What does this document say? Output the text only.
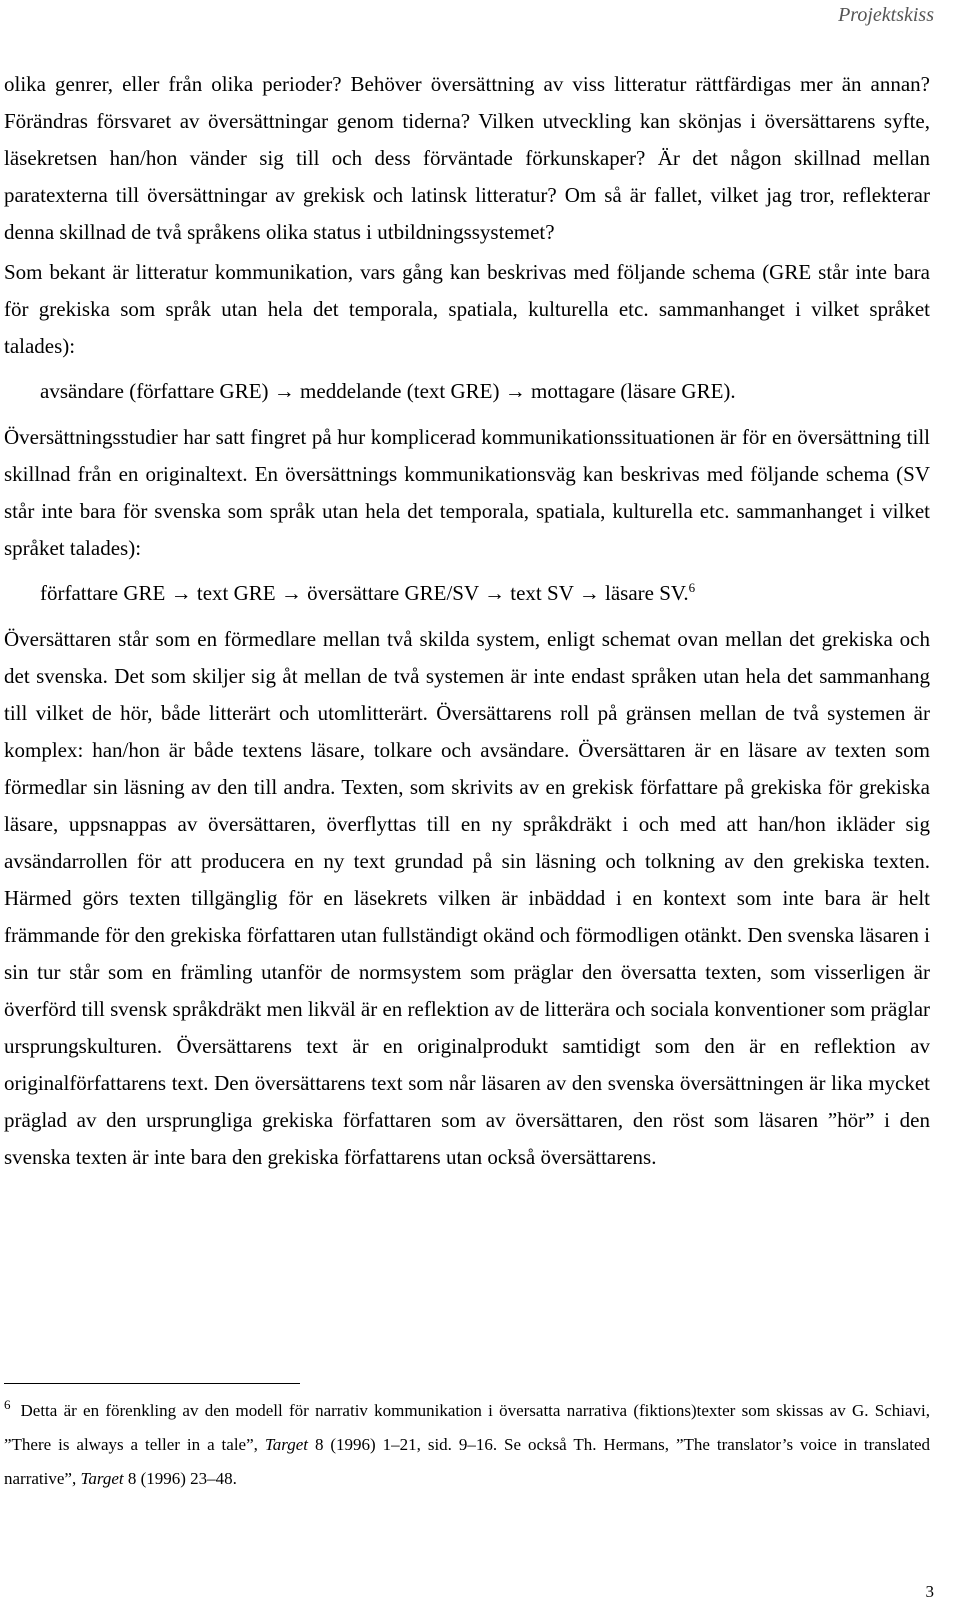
Projektskiss

olika genrer, eller från olika perioder? Behöver översättning av viss litteratur rättfärdigas mer än annan? Förändras försvaret av översättningar genom tiderna? Vilken utveckling kan skönjas i översättarens syfte, läsekretsen han/hon vänder sig till och dess förväntade förkunskaper? Är det någon skillnad mellan paratexterna till översättningar av grekisk och latinsk litteratur? Om så är fallet, vilket jag tror, reflekterar denna skillnad de två språkens olika status i utbildningssystemet?

Som bekant är litteratur kommunikation, vars gång kan beskrivas med följande schema (GRE står inte bara för grekiska som språk utan hela det temporala, spatiala, kulturella etc. sammanhanget i vilket språket talades):

avsändare (författare GRE) → meddelande (text GRE) → mottagare (läsare GRE).

Översättningsstudier har satt fingret på hur komplicerad kommunikationssituationen är för en översättning till skillnad från en originaltext. En översättnings kommunikationsväg kan beskrivas med följande schema (SV står inte bara för svenska som språk utan hela det temporala, spatiala, kulturella etc. sammanhanget i vilket språket talades):

författare GRE → text GRE → översättare GRE/SV → text SV → läsare SV.$^6$

Översättaren står som en förmedlare mellan två skilda system, enligt schemat ovan mellan det grekiska och det svenska. Det som skiljer sig åt mellan de två systemen är inte endast språken utan hela det sammanhang till vilket de hör, både litterärt och utomlitterärt. Översättarens roll på gränsen mellan de två systemen är komplex: han/hon är både textens läsare, tolkare och avsändare. Översättaren är en läsare av texten som förmedlar sin läsning av den till andra. Texten, som skrivits av en grekisk författare på grekiska för grekiska läsare, uppsnappas av översättaren, överflyttas till en ny språkdräkt i och med att han/hon ikläder sig avsändarrollen för att producera en ny text grundad på sin läsning och tolkning av den grekiska texten. Härmed görs texten tillgänglig för en läsekrets vilken är inbäddad i en kontext som inte bara är helt främmande för den grekiska författaren utan fullständigt okänd och förmodligen otänkt. Den svenska läsaren i sin tur står som en främling utanför de normsystem som präglar den översatta texten, som visserligen är överförd till svensk språkdräkt men likväl är en reflektion av de litterära och sociala konventioner som präglar ursprungskulturen. Översättarens text är en originalprodukt samtidigt som den är en reflektion av originalförfattarens text. Den översättarens text som når läsaren av den svenska översättningen är lika mycket präglad av den ursprungliga grekiska författaren som av översättaren, den röst som läsaren ”hör” i den svenska texten är inte bara den grekiska författarens utan också översättarens.

$^6$ Detta är en förenkling av den modell för narrativ kommunikation i översatta narrativa (fiktions)texter som skissas av G. Schiavi, ”There is always a teller in a tale”, Target 8 (1996) 1–21, sid. 9–16. Se också Th. Hermans, ”The translator’s voice in translated narrative”, Target 8 (1996) 23–48.
3
